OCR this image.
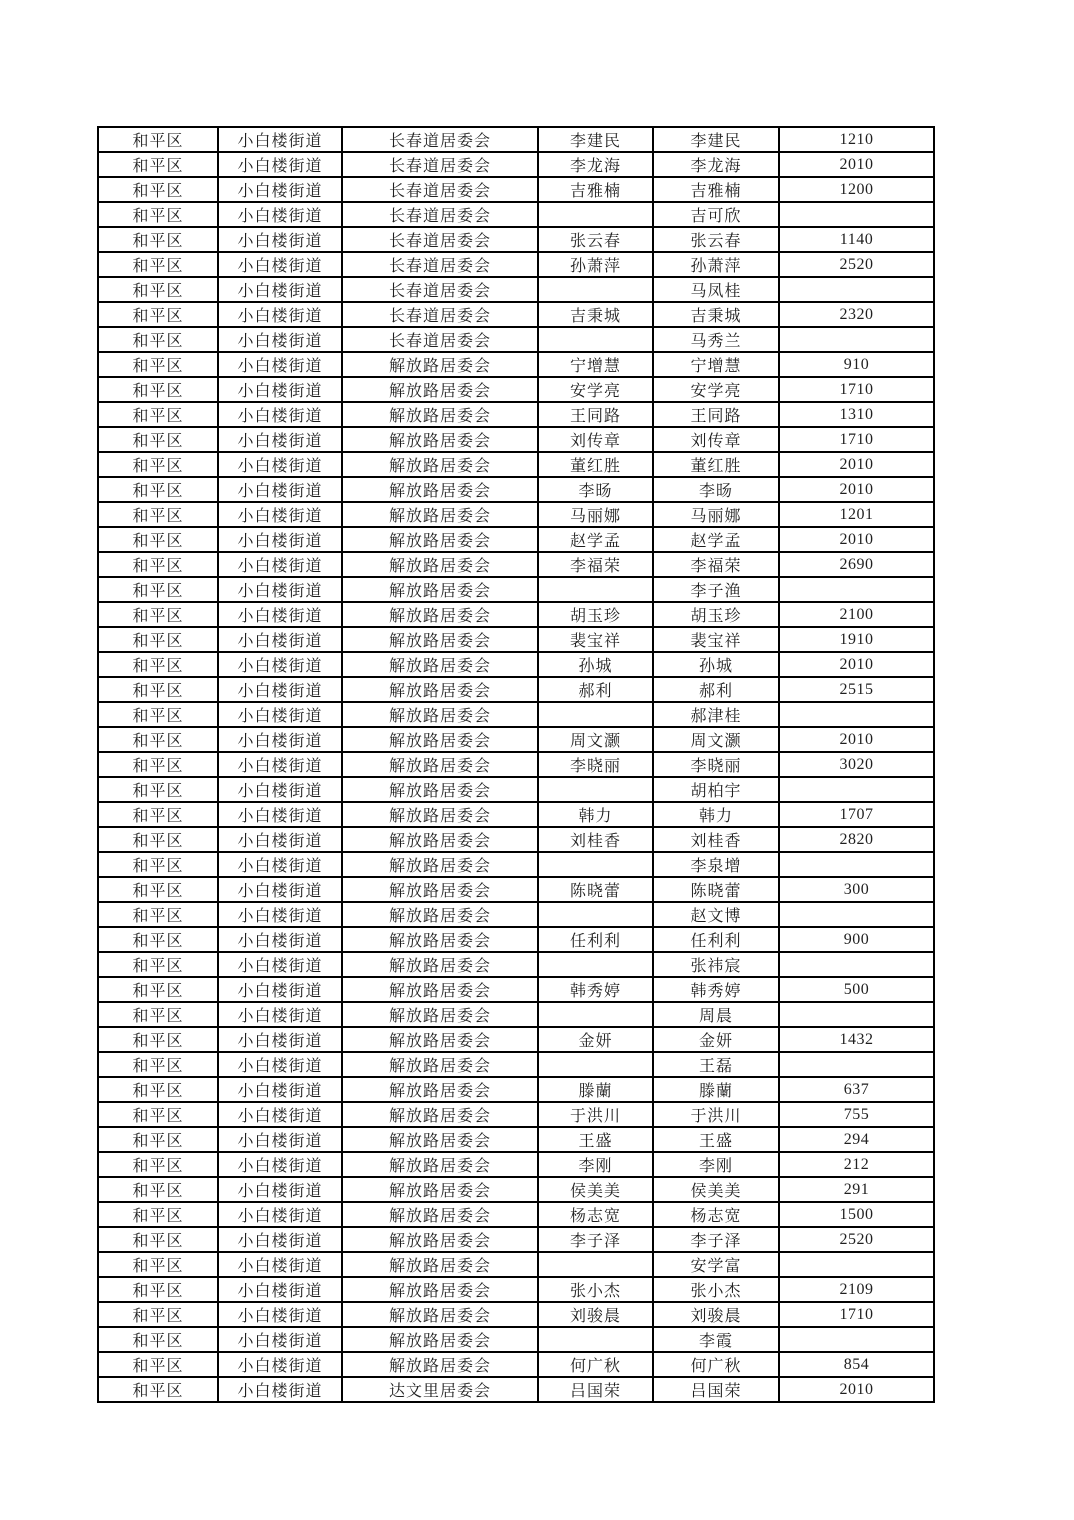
和平区	小白楼街道	长春道居委会	李建民	李建民	1210
和平区	小白楼街道	长春道居委会	李龙海	李龙海	2010
和平区	小白楼街道	长春道居委会	吉雅楠	吉雅楠	1200
和平区	小白楼街道	长春道居委会		吉可欣	
和平区	小白楼街道	长春道居委会	张云春	张云春	1140
和平区	小白楼街道	长春道居委会	孙萧萍	孙萧萍	2520
和平区	小白楼街道	长春道居委会		马凤桂	
和平区	小白楼街道	长春道居委会	吉秉城	吉秉城	2320
和平区	小白楼街道	长春道居委会		马秀兰	
和平区	小白楼街道	解放路居委会	宁增慧	宁增慧	910
和平区	小白楼街道	解放路居委会	安学亮	安学亮	1710
和平区	小白楼街道	解放路居委会	王同路	王同路	1310
和平区	小白楼街道	解放路居委会	刘传章	刘传章	1710
和平区	小白楼街道	解放路居委会	董红胜	董红胜	2010
和平区	小白楼街道	解放路居委会	李旸	李旸	2010
和平区	小白楼街道	解放路居委会	马丽娜	马丽娜	1201
和平区	小白楼街道	解放路居委会	赵学孟	赵学孟	2010
和平区	小白楼街道	解放路居委会	李福荣	李福荣	2690
和平区	小白楼街道	解放路居委会		李子渔	
和平区	小白楼街道	解放路居委会	胡玉珍	胡玉珍	2100
和平区	小白楼街道	解放路居委会	裴宝祥	裴宝祥	1910
和平区	小白楼街道	解放路居委会	孙城	孙城	2010
和平区	小白楼街道	解放路居委会	郝利	郝利	2515
和平区	小白楼街道	解放路居委会		郝津桂	
和平区	小白楼街道	解放路居委会	周文灏	周文灏	2010
和平区	小白楼街道	解放路居委会	李晓丽	李晓丽	3020
和平区	小白楼街道	解放路居委会		胡柏宇	
和平区	小白楼街道	解放路居委会	韩力	韩力	1707
和平区	小白楼街道	解放路居委会	刘桂香	刘桂香	2820
和平区	小白楼街道	解放路居委会		李泉增	
和平区	小白楼街道	解放路居委会	陈晓蕾	陈晓蕾	300
和平区	小白楼街道	解放路居委会		赵文博	
和平区	小白楼街道	解放路居委会	任利利	任利利	900
和平区	小白楼街道	解放路居委会		张祎宸	
和平区	小白楼街道	解放路居委会	韩秀婷	韩秀婷	500
和平区	小白楼街道	解放路居委会		周晨	
和平区	小白楼街道	解放路居委会	金妍	金妍	1432
和平区	小白楼街道	解放路居委会		王磊	
和平区	小白楼街道	解放路居委会	滕蘭	滕蘭	637
和平区	小白楼街道	解放路居委会	于洪川	于洪川	755
和平区	小白楼街道	解放路居委会	王盛	王盛	294
和平区	小白楼街道	解放路居委会	李刚	李刚	212
和平区	小白楼街道	解放路居委会	侯美美	侯美美	291
和平区	小白楼街道	解放路居委会	杨志宽	杨志宽	1500
和平区	小白楼街道	解放路居委会	李子泽	李子泽	2520
和平区	小白楼街道	解放路居委会		安学富	
和平区	小白楼街道	解放路居委会	张小杰	张小杰	2109
和平区	小白楼街道	解放路居委会	刘骏晨	刘骏晨	1710
和平区	小白楼街道	解放路居委会		李霞	
和平区	小白楼街道	解放路居委会	何广秋	何广秋	854
和平区	小白楼街道	达文里居委会	吕国荣	吕国荣	2010
